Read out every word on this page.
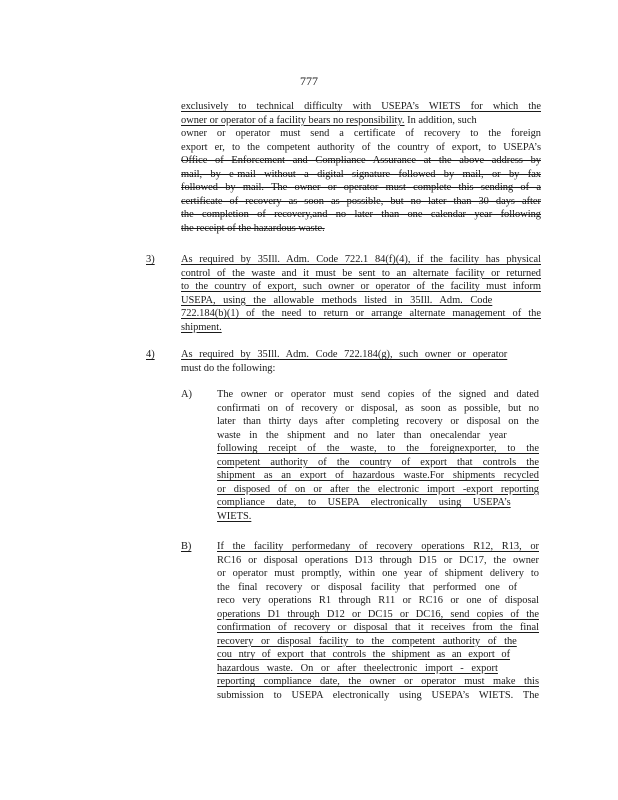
777
exclusively to technical difficulty with USEPA’s WIETS for which the
owner or operator of a facility bears no responsibility. In addition, such
owner or operator must send a certificate of recovery to the foreign
export er, to the competent authority of the country of export, to USEPA’s
Office of Enforcement and Compliance Assurance at the above address by
mail, by e-mail without a digital signature followed by mail, or by fax
followed by mail. The owner or operator must complete this sending of a
certificate of recovery as soon as possible, but no later than 30 days after
the completion of recovery,and no later than one calendar year following
the receipt of the hazardous waste.
3)	As required by 35Ill. Adm. Code 722.1 84(f)(4), if the facility has physical
control of the waste and it must be sent to an alternate facility or returned
to the country of export, such owner or operator of the facility must inform
USEPA, using the allowable methods listed in 35Ill. Adm. Code
722.184(b)(1) of the need to return or arrange alternate management of the
shipment.
4)	As required by 35Ill. Adm. Code 722.184(g), such owner or operator
must do the following:
A) The owner or operator must send copies of the signed and dated
confirmati on of recovery or disposal, as soon as possible, but no
later than thirty days after completing recovery or disposal on the
waste in the shipment and no later than onecalendar year
following receipt of the waste, to the foreignexporter, to the
competent authority of the country of export that controls the
shipment as an export of hazardous waste.For shipments recycled
or disposed of on or after the electronic import -export reporting
compliance date, to USEPA electronically using USEPA’s
WIETS.
B) If the facility performedany of recovery operations R12, R13, or
RC16 or disposal operations D13 through D15 or DC17, the owner
or operator must promptly, within one year of shipment delivery to
the final recovery or disposal facility that performed one of
reco very operations R1 through R11 or RC16 or one of disposal
operations D1 through D12 or DC15 or DC16, send copies of the
confirmation of recovery or disposal that it receives from the final
recovery or disposal facility to the competent authority of the
cou ntry of export that controls the shipment as an export of
hazardous waste. On or after theelectronic import - export
reporting compliance date, the owner or operator must make this
submission to USEPA electronically using USEPA’s WIETS. The
